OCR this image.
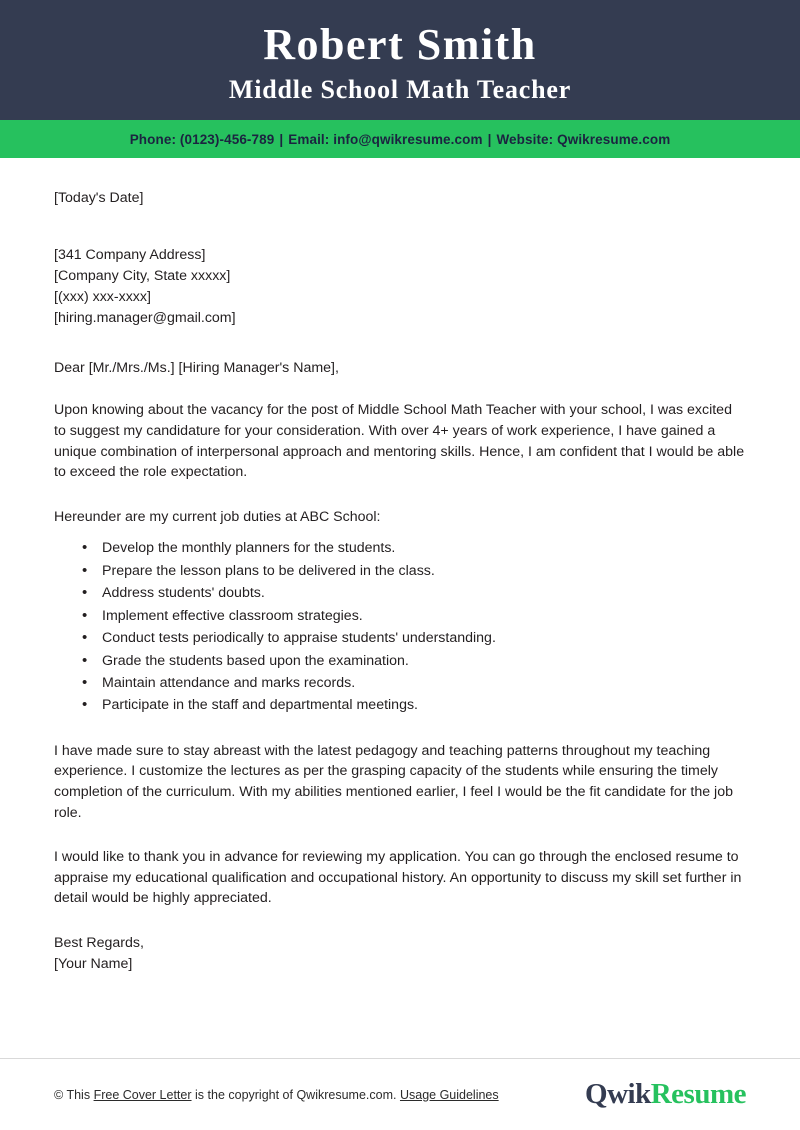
Robert Smith
Middle School Math Teacher
Phone: (0123)-456-789 | Email: info@qwikresume.com | Website: Qwikresume.com

[Today's Date]

[341 Company Address]

[Company City, State xxxxx]

[(xxx) xxx-xxxx]

[hiring.manager@gmail.com]

Dear [Mr./Mrs./Ms.] [Hiring Manager's Name],

Upon knowing about the vacancy for the post of Middle School Math Teacher with your school, I was excited to suggest my candidature for your consideration. With over 4+ years of work experience, I have gained a unique combination of interpersonal approach and mentoring skills. Hence, I am confident that I would be able to exceed the role expectation.

Hereunder are my current job duties at ABC School:

• Develop the monthly planners for the students.
• Prepare the lesson plans to be delivered in the class.
• Address students' doubts.
• Implement effective classroom strategies.
• Conduct tests periodically to appraise students' understanding.
• Grade the students based upon the examination.
• Maintain attendance and marks records.
• Participate in the staff and departmental meetings.

I have made sure to stay abreast with the latest pedagogy and teaching patterns throughout my teaching experience. I customize the lectures as per the grasping capacity of the students while ensuring the timely completion of the curriculum. With my abilities mentioned earlier, I feel I would be the fit candidate for the job role.

I would like to thank you in advance for reviewing my application. You can go through the enclosed resume to appraise my educational qualification and occupational history. An opportunity to discuss my skill set further in detail would be highly appreciated.

Best Regards,

[Your Name]

© This Free Cover Letter is the copyright of Qwikresume.com. Usage Guidelines	QwikResume
